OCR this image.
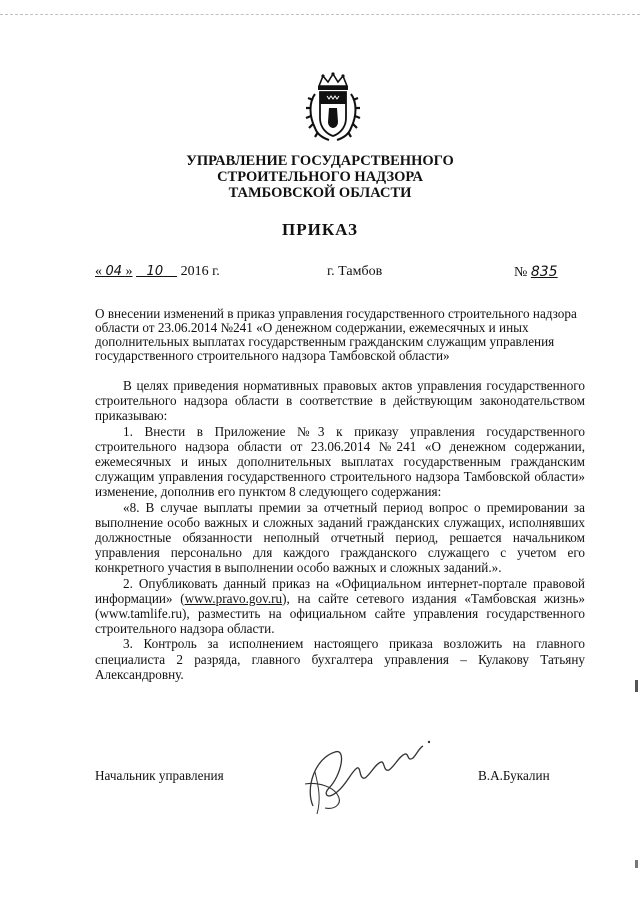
УПРАВЛЕНИЕ ГОСУДАРСТВЕННОГО
СТРОИТЕЛЬНОГО НАДЗОРА
ТАМБОВСКОЙ ОБЛАСТИ
ПРИКАЗ
« 04 » 10 2016 г.	г. Тамбов	№ 835
О внесении изменений в приказ управления государственного строительного надзора области от 23.06.2014 №241 «О денежном содержании, ежемесячных и иных дополнительных выплатах государственным гражданским служащим управления государственного строительного надзора Тамбовской области»

В целях приведения нормативных правовых актов управления государственного строительного надзора области в соответствие в действующим законодательством приказываю:

1. Внести в Приложение №3 к приказу управления государственного строительного надзора области от 23.06.2014 №241 «О денежном содержании, ежемесячных и иных дополнительных выплатах государственным гражданским служащим управления государственного строительного надзора Тамбовской области» изменение, дополнив его пунктом 8 следующего содержания:

«8. В случае выплаты премии за отчетный период вопрос о премировании за выполнение особо важных и сложных заданий гражданских служащих, исполнявших должностные обязанности неполный отчетный период, решается начальником управления персонально для каждого гражданского служащего с учетом его конкретного участия в выполнении особо важных и сложных заданий.».

2. Опубликовать данный приказ на «Официальном интернет-портале правовой информации» (www.pravo.gov.ru), на сайте сетевого издания «Тамбовская жизнь» (www.tamlife.ru), разместить на официальном сайте управления государственного строительного надзора области.

3. Контроль за исполнением настоящего приказа возложить на главного специалиста 2 разряда, главного бухгалтера управления – Кулакову Татьяну Александровну.

Начальник управления	В.А.Букалин
